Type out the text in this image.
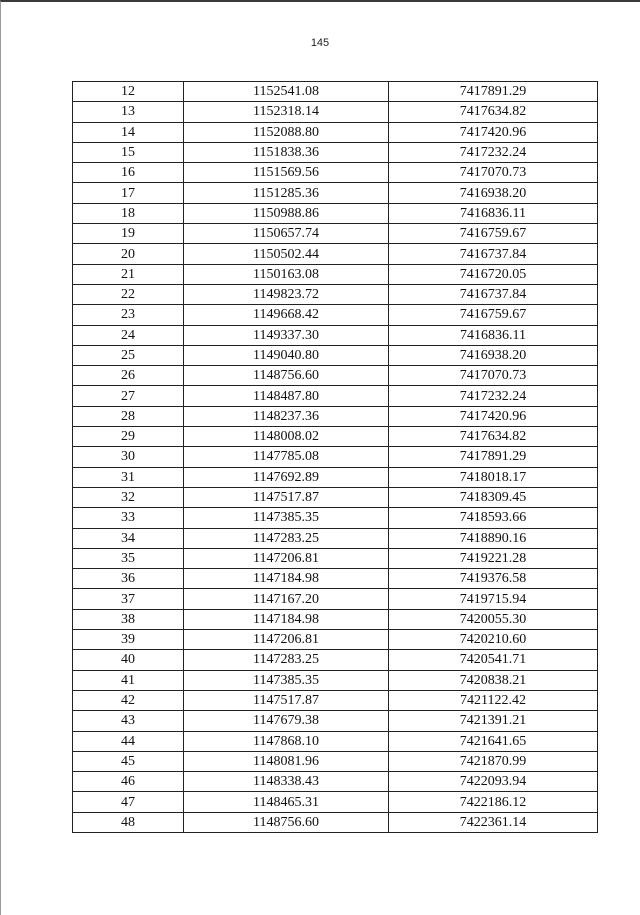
145
12	1152541.08	7417891.29
13	1152318.14	7417634.82
14	1152088.80	7417420.96
15	1151838.36	7417232.24
16	1151569.56	7417070.73
17	1151285.36	7416938.20
18	1150988.86	7416836.11
19	1150657.74	7416759.67
20	1150502.44	7416737.84
21	1150163.08	7416720.05
22	1149823.72	7416737.84
23	1149668.42	7416759.67
24	1149337.30	7416836.11
25	1149040.80	7416938.20
26	1148756.60	7417070.73
27	1148487.80	7417232.24
28	1148237.36	7417420.96
29	1148008.02	7417634.82
30	1147785.08	7417891.29
31	1147692.89	7418018.17
32	1147517.87	7418309.45
33	1147385.35	7418593.66
34	1147283.25	7418890.16
35	1147206.81	7419221.28
36	1147184.98	7419376.58
37	1147167.20	7419715.94
38	1147184.98	7420055.30
39	1147206.81	7420210.60
40	1147283.25	7420541.71
41	1147385.35	7420838.21
42	1147517.87	7421122.42
43	1147679.38	7421391.21
44	1147868.10	7421641.65
45	1148081.96	7421870.99
46	1148338.43	7422093.94
47	1148465.31	7422186.12
48	1148756.60	7422361.14
